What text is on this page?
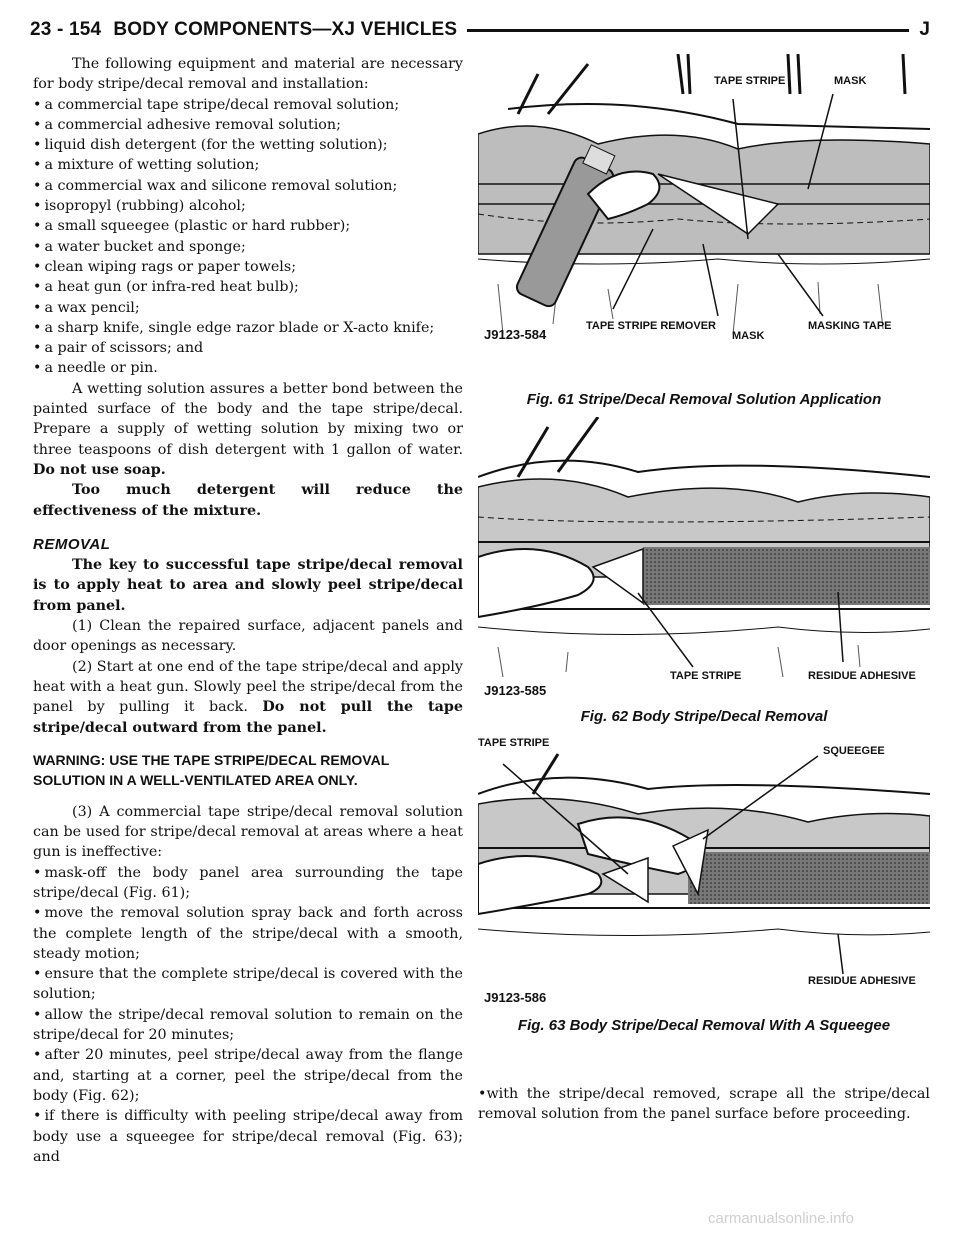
23 - 154 BODY COMPONENTS—XJ VEHICLES	J

The following equipment and material are necessary for body stripe/decal removal and installation:

• a commercial tape stripe/decal removal solution;

• a commercial adhesive removal solution;

• liquid dish detergent (for the wetting solution);

• a mixture of wetting solution;

• a commercial wax and silicone removal solution;

• isopropyl (rubbing) alcohol;

• a small squeegee (plastic or hard rubber);

• a water bucket and sponge;

• clean wiping rags or paper towels;

• a heat gun (or infra-red heat bulb);

• a wax pencil;

• a sharp knife, single edge razor blade or X-acto knife;

• a pair of scissors; and

• a needle or pin.

A wetting solution assures a better bond between the painted surface of the body and the tape stripe/decal. Prepare a supply of wetting solution by mixing two or three teaspoons of dish detergent with 1 gallon of water. Do not use soap.

Too much detergent will reduce the effectiveness of the mixture.

REMOVAL

The key to successful tape stripe/decal removal is to apply heat to area and slowly peel stripe/decal from panel.

(1) Clean the repaired surface, adjacent panels and door openings as necessary.

(2) Start at one end of the tape stripe/decal and apply heat with a heat gun. Slowly peel the stripe/decal from the panel by pulling it back. Do not pull the tape stripe/decal outward from the panel.

WARNING: USE THE TAPE STRIPE/DECAL REMOVAL SOLUTION IN A WELL-VENTILATED AREA ONLY.

(3) A commercial tape stripe/decal removal solution can be used for stripe/decal removal at areas where a heat gun is ineffective:

• mask-off the body panel area surrounding the tape stripe/decal (Fig. 61);

• move the removal solution spray back and forth across the complete length of the stripe/decal with a smooth, steady motion;

• ensure that the complete stripe/decal is covered with the solution;

• allow the stripe/decal removal solution to remain on the stripe/decal for 20 minutes;

• after 20 minutes, peel stripe/decal away from the flange and, starting at a corner, peel the stripe/decal from the body (Fig. 62);

• if there is difficulty with peeling stripe/decal away from body use a squeegee for stripe/decal removal (Fig. 63); and

TAPE STRIPE	MASK
TAPE STRIPE REMOVER
MASK
MASKING TAPE
J9123-584
Fig. 61 Stripe/Decal Removal Solution Application
TAPE STRIPE	RESIDUE ADHESIVE
J9123-585
Fig. 62 Body Stripe/Decal Removal
TAPE STRIPE
SQUEEGEE
RESIDUE ADHESIVE
J9123-586
Fig. 63 Body Stripe/Decal Removal With A Squeegee

•with the stripe/decal removed, scrape all the stripe/decal removal solution from the panel surface before proceeding.

carmanualsonline.info
